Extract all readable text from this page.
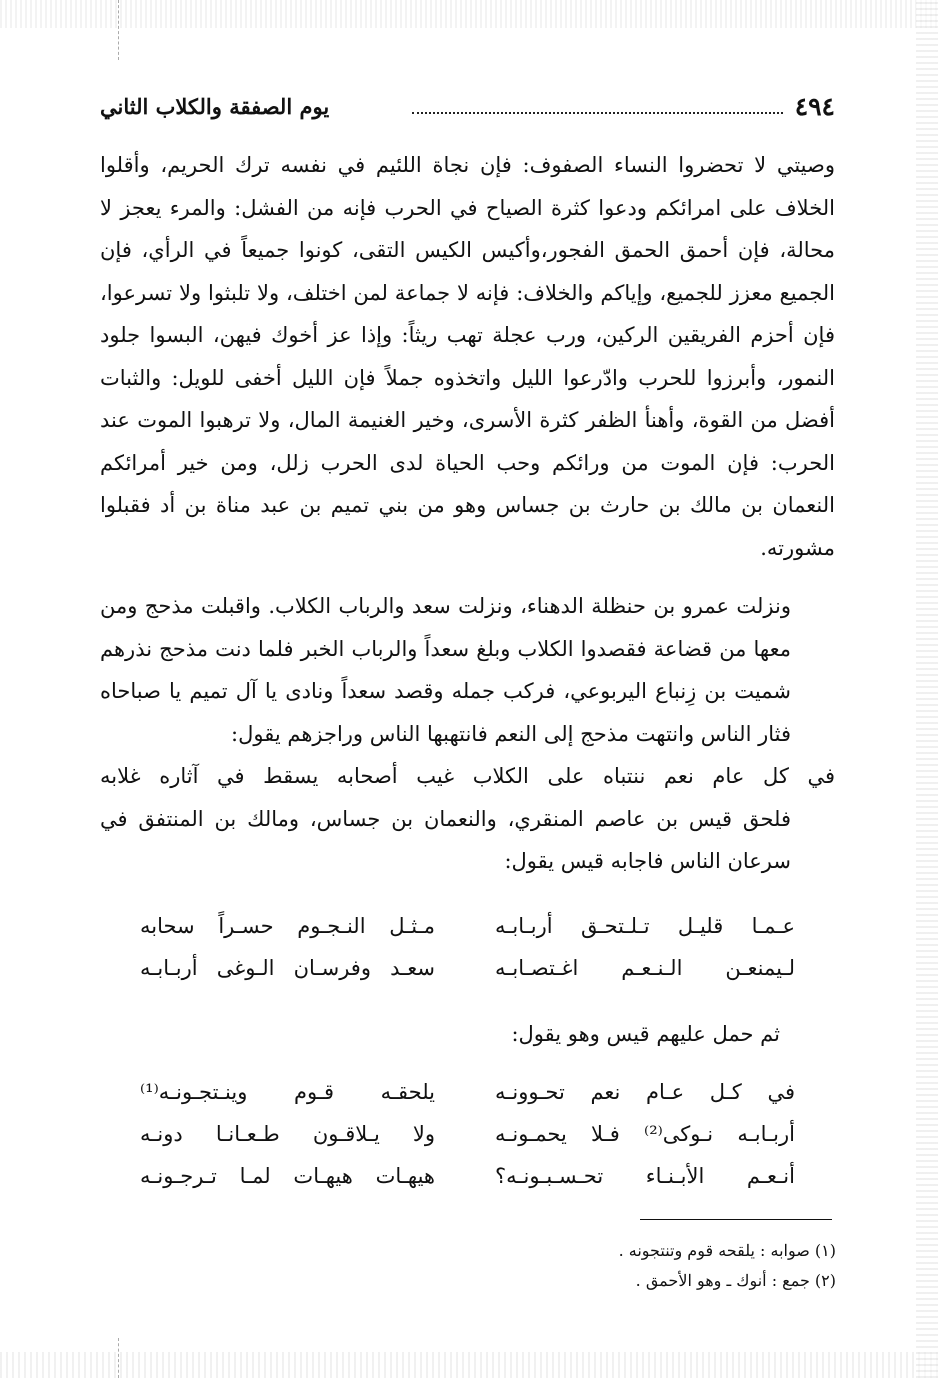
٤٩٤
يوم الصفقة والكلاب الثاني

وصيتي لا تحضروا النساء الصفوف: فإن نجاة اللئيم في نفسه ترك الحريم، وأقلوا الخلاف على امرائكم ودعوا كثرة الصياح في الحرب فإنه من الفشل: والمرء يعجز لا محالة، فإن أحمق الحمق الفجور،وأكيس الكيس التقى، كونوا جميعاً في الرأي، فإن الجميع معزز للجميع، وإياكم والخلاف: فإنه لا جماعة لمن اختلف، ولا تلبثوا ولا تسرعوا، فإن أحزم الفريقين الركين، ورب عجلة تهب ريثاً: وإذا عز أخوك فيهن، البسوا جلود النمور، وأبرزوا للحرب وادّرعوا الليل واتخذوه جملاً فإن الليل أخفى للويل: والثبات أفضل من القوة، وأهنأ الظفر كثرة الأسرى، وخير الغنيمة المال، ولا ترهبوا الموت عند الحرب: فإن الموت من ورائكم وحب الحياة لدى الحرب زلل، ومن خير أمرائكم النعمان بن مالك بن حارث بن جساس وهو من بني تميم بن عبد مناة بن أد فقبلوا مشورته.

ونزلت عمرو بن حنظلة الدهناء، ونزلت سعد والرباب الكلاب. واقبلت مذحج ومن معها من قضاعة فقصدوا الكلاب وبلغ سعداً والرباب الخبر فلما دنت مذحج نذرهم شميت بن زِنباع اليربوعي، فركب جمله وقصد سعداً ونادى يا آل تميم يا صباحاه فثار الناس وانتهت مذحج إلى النعم فانتهبها الناس وراجزهم يقول:

في كل عام نعم ننتباه على الكلاب غيب أصحابه يسقط في آثاره غلابه

فلحق قيس بن عاصم المنقري، والنعمان بن جساس، ومالك بن المنتفق في سرعان الناس فاجابه قيس يقول:

عـمـا قليـل تـلـتحـق أربـابـه
مـثـل النـجـوم حسـراً سحابه
لـيمنعـن الـنـعـم اغـتصـابـه
سعـد وفرسـان الـوغى أربـابـه
ثم حمل عليهم قيس وهو يقول:
في كـل عـام نعم تحـوونـه
يلحقـه قـوم وينـتجـونـه⁽¹⁾
أربـابـه نـوكى⁽²⁾ فـلا يحمـونـه
ولا يـلاقـون طـعـانـا دونـه
أنـعـم الأبـنـاء تحـسـبـونـه؟
هيهـات هيهـات لمـا تـرجـونـه

(١) صوابه : يلقحه قوم وتنتجونه .

(٢) جمع : أنوك ـ وهو الأحمق .
